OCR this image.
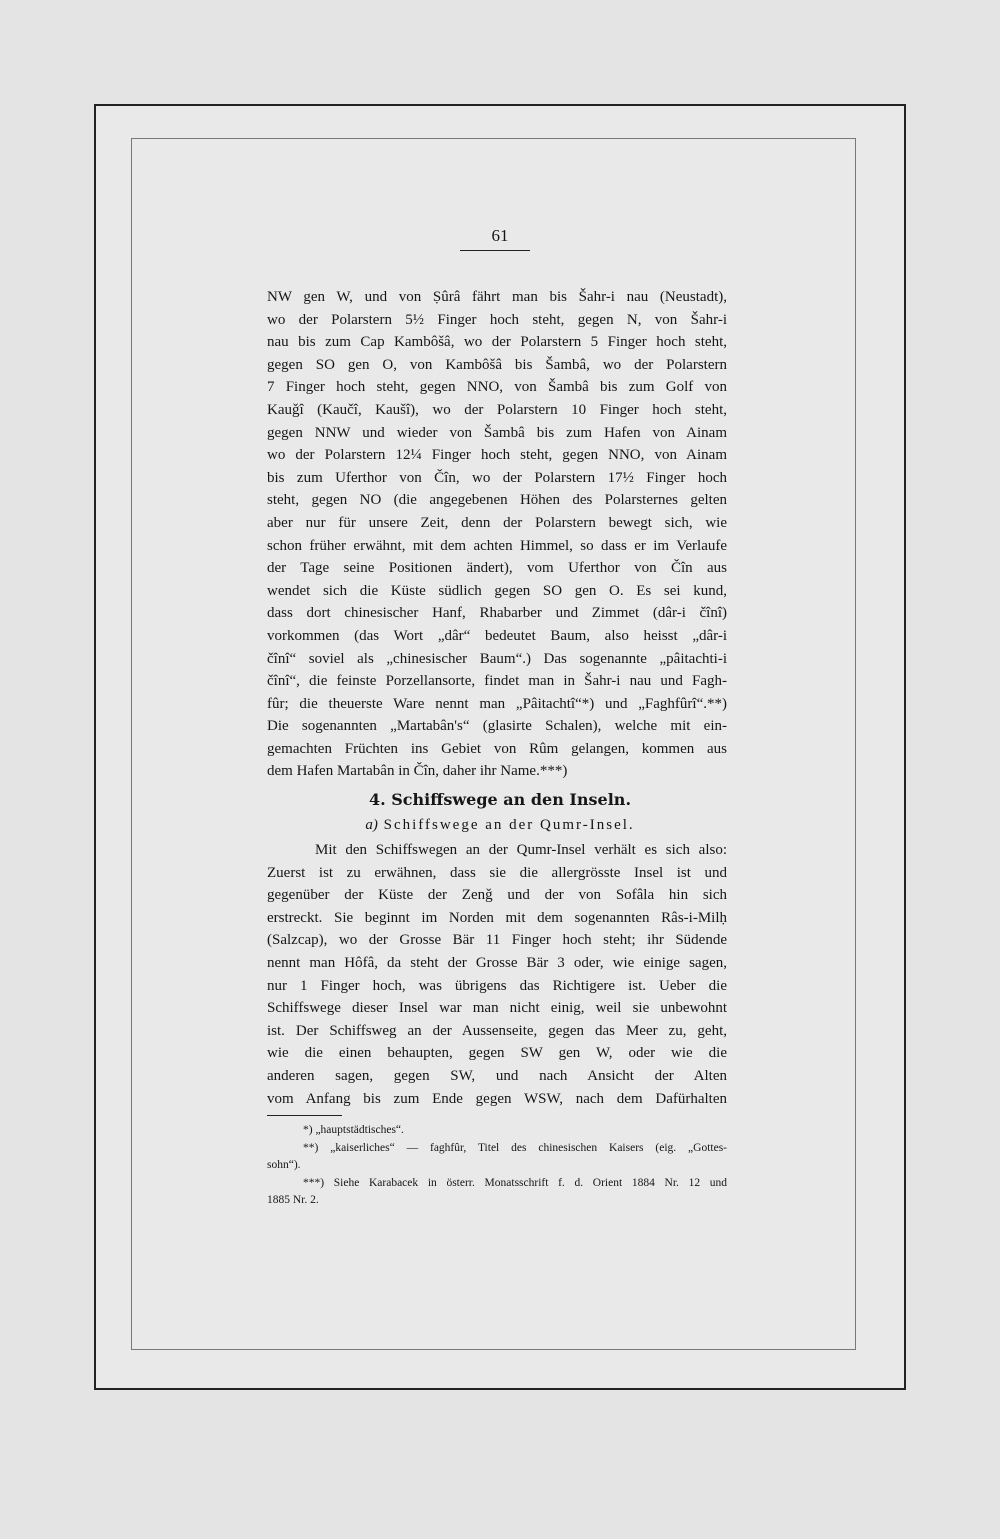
61
NW gen W, und von Ṣûrâ fährt man bis Šahr-i nau (Neustadt),
wo der Polarstern 5½ Finger hoch steht, gegen N, von Šahr-i
nau bis zum Cap Kambôšâ, wo der Polarstern 5 Finger hoch steht,
gegen SO gen O, von Kambôšâ bis Šambâ, wo der Polarstern
7 Finger hoch steht, gegen NNO, von Šambâ bis zum Golf von
Kauǧî (Kaučî, Kaušî), wo der Polarstern 10 Finger hoch steht,
gegen NNW und wieder von Šambâ bis zum Hafen von Ainam
wo der Polarstern 12¼ Finger hoch steht, gegen NNO, von Ainam
bis zum Uferthor von Čîn, wo der Polarstern 17½ Finger hoch
steht, gegen NO (die angegebenen Höhen des Polarsternes gelten
aber nur für unsere Zeit, denn der Polarstern bewegt sich, wie
schon früher erwähnt, mit dem achten Himmel, so dass er im Verlaufe
der Tage seine Positionen ändert), vom Uferthor von Čîn aus
wendet sich die Küste südlich gegen SO gen O. Es sei kund,
dass dort chinesischer Hanf, Rhabarber und Zimmet (dâr-i čînî)
vorkommen (das Wort „dâr“ bedeutet Baum, also heisst „dâr-i
čînî“ soviel als „chinesischer Baum“.) Das sogenannte „pâitachti-i
čînî“, die feinste Porzellansorte, findet man in Šahr-i nau und Fagh-
fûr; die theuerste Ware nennt man „Pâitachtî“*) und „Faghfûrî“.**)
Die sogenannten „Martabân's“ (glasirte Schalen), welche mit ein-
gemachten Früchten ins Gebiet von Rûm gelangen, kommen aus
dem Hafen Martabân in Čîn, daher ihr Name.***)
4. Schiffswege an den Inseln.
a) Schiffswege an der Qumr-Insel.
Mit den Schiffswegen an der Qumr-Insel verhält es sich also:
Zuerst ist zu erwähnen, dass sie die allergrösste Insel ist und
gegenüber der Küste der Zenǧ und der von Sofâla hin sich
erstreckt. Sie beginnt im Norden mit dem sogenannten Râs-i-Milḥ
(Salzcap), wo der Grosse Bär 11 Finger hoch steht; ihr Südende
nennt man Hôfâ, da steht der Grosse Bär 3 oder, wie einige sagen,
nur 1 Finger hoch, was übrigens das Richtigere ist. Ueber die
Schiffswege dieser Insel war man nicht einig, weil sie unbewohnt
ist. Der Schiffsweg an der Aussenseite, gegen das Meer zu, geht,
wie die einen behaupten, gegen SW gen W, oder wie die
anderen sagen, gegen SW, und nach Ansicht der Alten
vom Anfang bis zum Ende gegen WSW, nach dem Dafürhalten
*) „hauptstädtisches“.
**) „kaiserliches“ — faghfûr, Titel des chinesischen Kaisers (eig. „Gottes-
sohn“).
***) Siehe Karabacek in österr. Monatsschrift f. d. Orient 1884 Nr. 12 und
1885 Nr. 2.
